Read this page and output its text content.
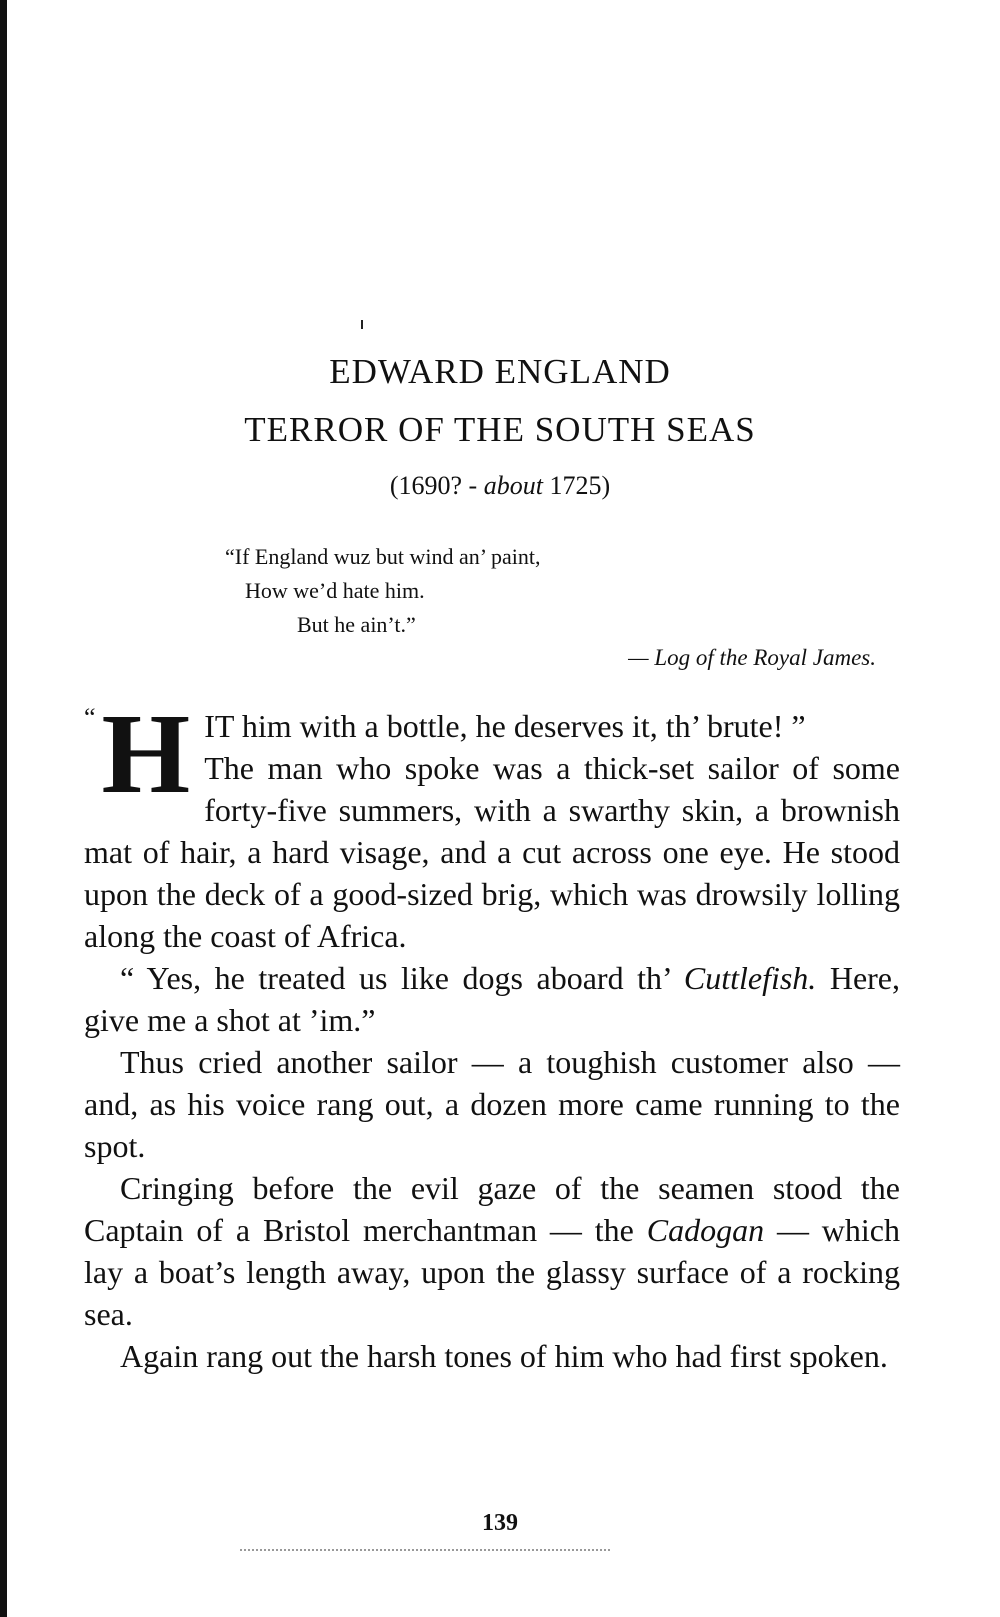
EDWARD ENGLAND
TERROR OF THE SOUTH SEAS
(1690? - about 1725)
“If England wuz but wind an’ paint,
How we’d hate him.
But he ain’t.”
— Log of the Royal James.

“ H IT him with a bottle, he deserves it, th’ brute! ”

The man who spoke was a thick-set sailor of some forty-five summers, with a swarthy skin, a brownish mat of hair, a hard visage, and a cut across one eye. He stood upon the deck of a good-sized brig, which was drowsily lolling along the coast of Africa.

“ Yes, he treated us like dogs aboard th’ Cuttlefish. Here, give me a shot at ’im.”

Thus cried another sailor — a toughish customer also — and, as his voice rang out, a dozen more came running to the spot.

Cringing before the evil gaze of the seamen stood the Captain of a Bristol merchantman — the Cadogan — which lay a boat’s length away, upon the glassy surface of a rocking sea.

Again rang out the harsh tones of him who had first spoken.

139
